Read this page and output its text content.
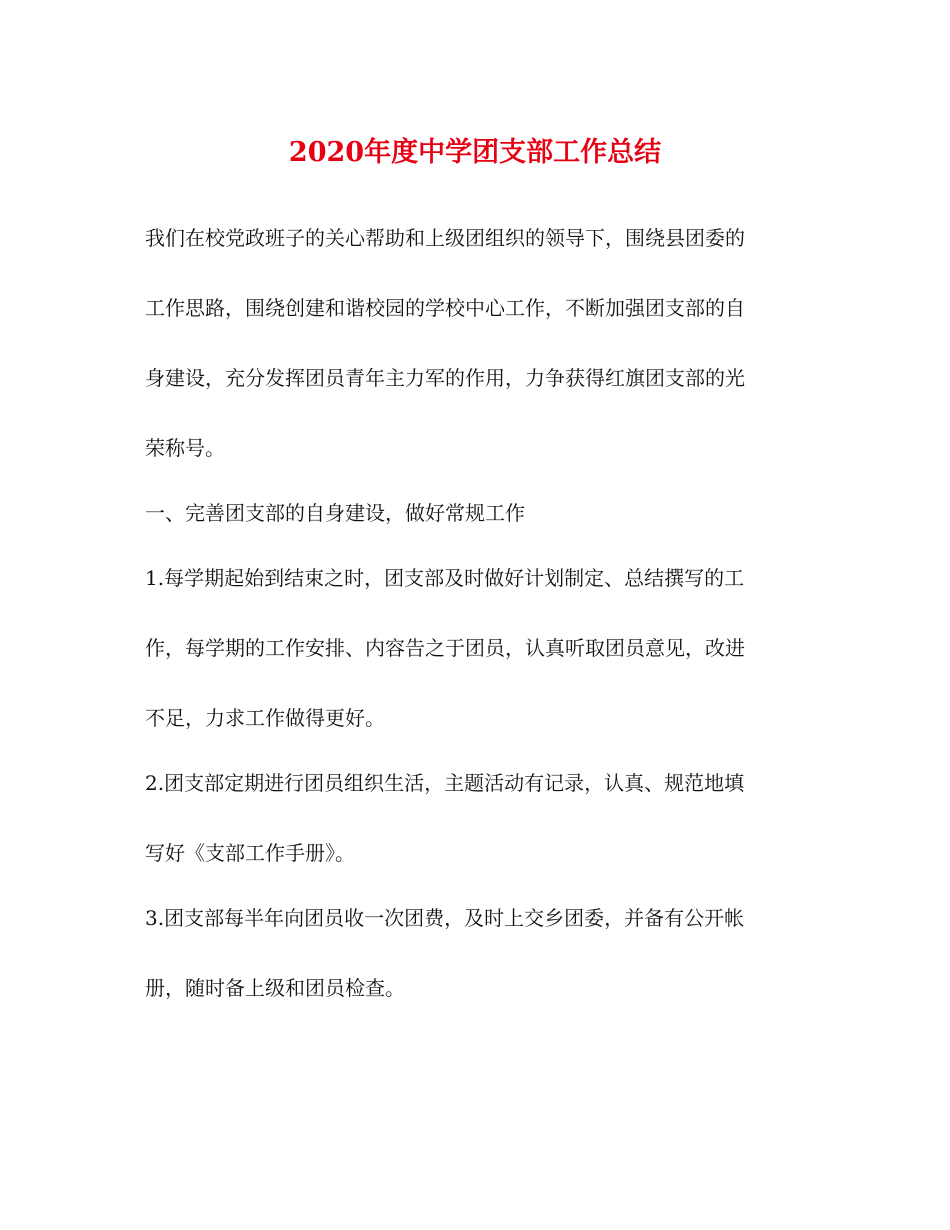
2020年度中学团支部工作总结
我们在校党政班子的关心帮助和上级团组织的领导下，围绕县团委的
工作思路，围绕创建和谐校园的学校中心工作，不断加强团支部的自
身建设，充分发挥团员青年主力军的作用，力争获得红旗团支部的光
荣称号。
一、完善团支部的自身建设，做好常规工作
1.每学期起始到结束之时，团支部及时做好计划制定、总结撰写的工
作，每学期的工作安排、内容告之于团员，认真听取团员意见，改进
不足，力求工作做得更好。
2.团支部定期进行团员组织生活，主题活动有记录，认真、规范地填
写好《支部工作手册》。
3.团支部每半年向团员收一次团费，及时上交乡团委，并备有公开帐
册，随时备上级和团员检查。
